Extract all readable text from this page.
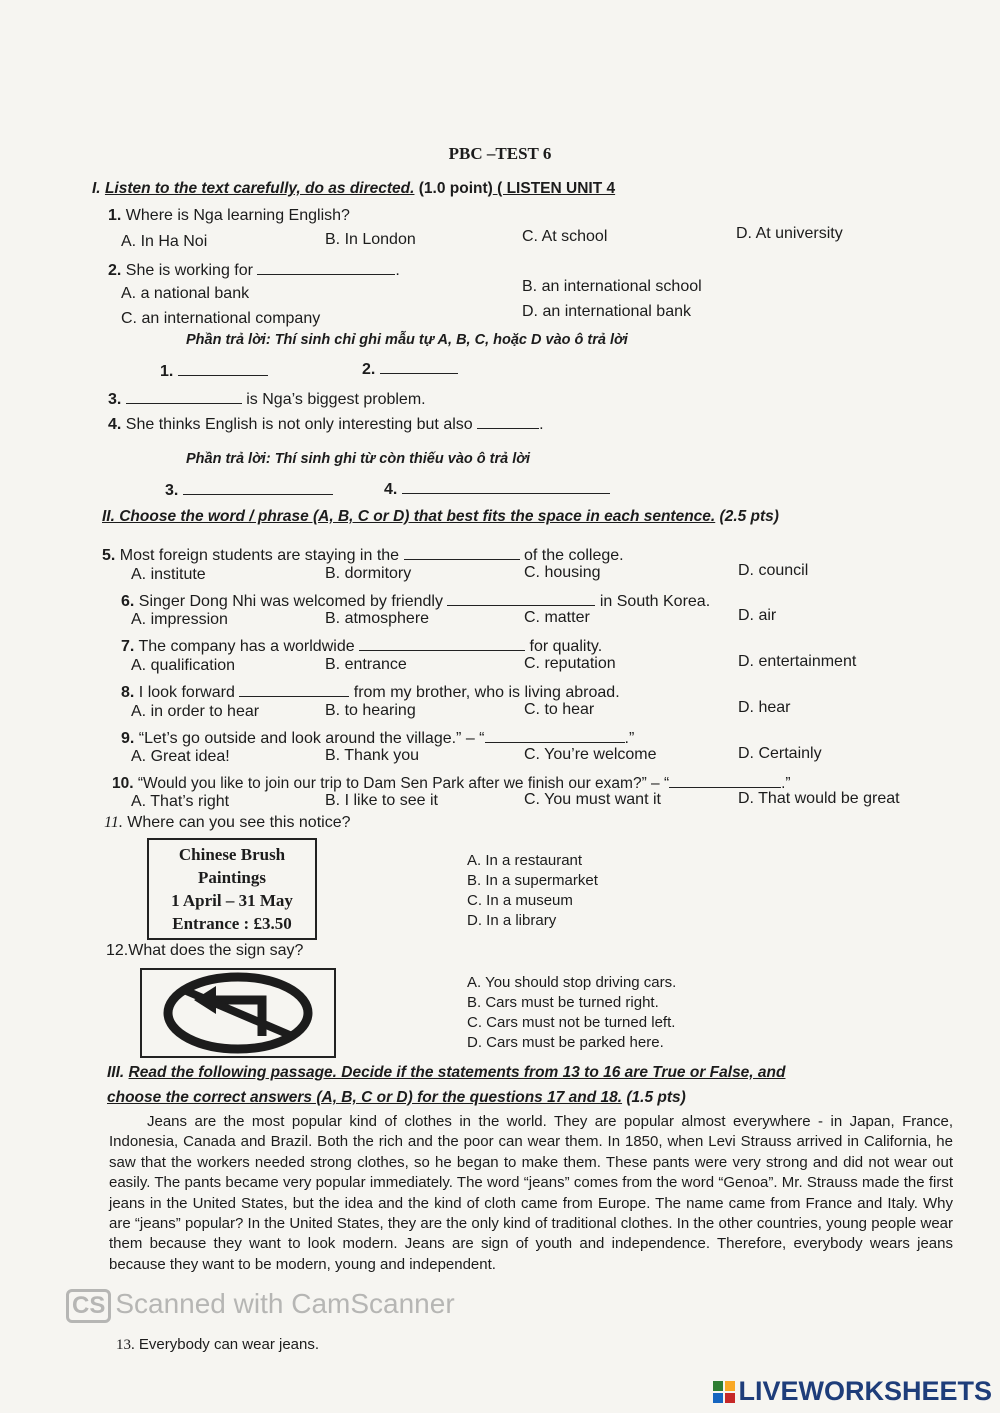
PBC –TEST 6
I. Listen to the text carefully, do as directed. (1.0 point) ( LISTEN UNIT 4
1. Where is Nga learning English?
A. In Ha Noi	B. In London	C. At school	D. At university
2. She is working for	.
A. a national bank	B. an international school
C. an international company	D. an international bank
Phần trả lời: Thí sinh chỉ ghi mẫu tự A, B, C, hoặc D vào ô trả lời
1.	2.
3.	is Nga’s biggest problem.
4. She thinks English is not only interesting but also	.
Phần trả lời: Thí sinh ghi từ còn thiếu vào ô trả lời
3.	4.
II. Choose the word / phrase (A, B, C or D) that best fits the space in each sentence. (2.5 pts)
5. Most foreign students are staying in the	of the college.
A. institute	B. dormitory	C. housing	D. council
6. Singer Dong Nhi was welcomed by friendly	in South Korea.
A. impression	B. atmosphere	C. matter	D. air
7. The company has a worldwide	for quality.
A. qualification	B. entrance	C. reputation	D. entertainment
8. I look forward	from my brother, who is living abroad.
A. in order to hear	B. to hearing	C. to hear	D. hear
9. “Let’s go outside and look around the village.” – “	.”
A. Great idea!	B. Thank you	C. You’re welcome	D. Certainly
10. “Would you like to join our trip to Dam Sen Park after we finish our exam?” – “	.”
A. That’s right	B. I like to see it	C. You must want it	D. That would be great
11. Where can you see this notice?
Chinese Brush
Paintings
1 April – 31 May
Entrance : £3.50
A. In a restaurant
B. In a supermarket
C. In a museum
D. In a library
12.What does the sign say?
A. You should stop driving cars.
B. Cars must be turned right.
C. Cars must not be turned left.
D. Cars must be parked here.
III. Read the following passage. Decide if the statements from 13 to 16 are True or False, and
choose the correct answers (A, B, C or D) for the questions 17 and 18. (1.5 pts)
Jeans are the most popular kind of clothes in the world. They are popular almost everywhere - in Japan, France, Indonesia, Canada and Brazil. Both the rich and the poor can wear them. In 1850, when Levi Strauss arrived in California, he saw that the workers needed strong clothes, so he began to make them. These pants were very strong and did not wear out easily. The pants became very popular immediately. The word “jeans” comes from the word “Genoa”. Mr. Strauss made the first jeans in the United States, but the idea and the kind of cloth came from Europe. The name came from France and Italy. Why are “jeans” popular? In the United States, they are the only kind of traditional clothes. In the other countries, young people wear them because they want to look modern. Jeans are sign of youth and independence. Therefore, everybody wears jeans because they want to be modern, young and independent.
13. Everybody can wear jeans.
CS Scanned with CamScanner
LIVEWORKSHEETS
